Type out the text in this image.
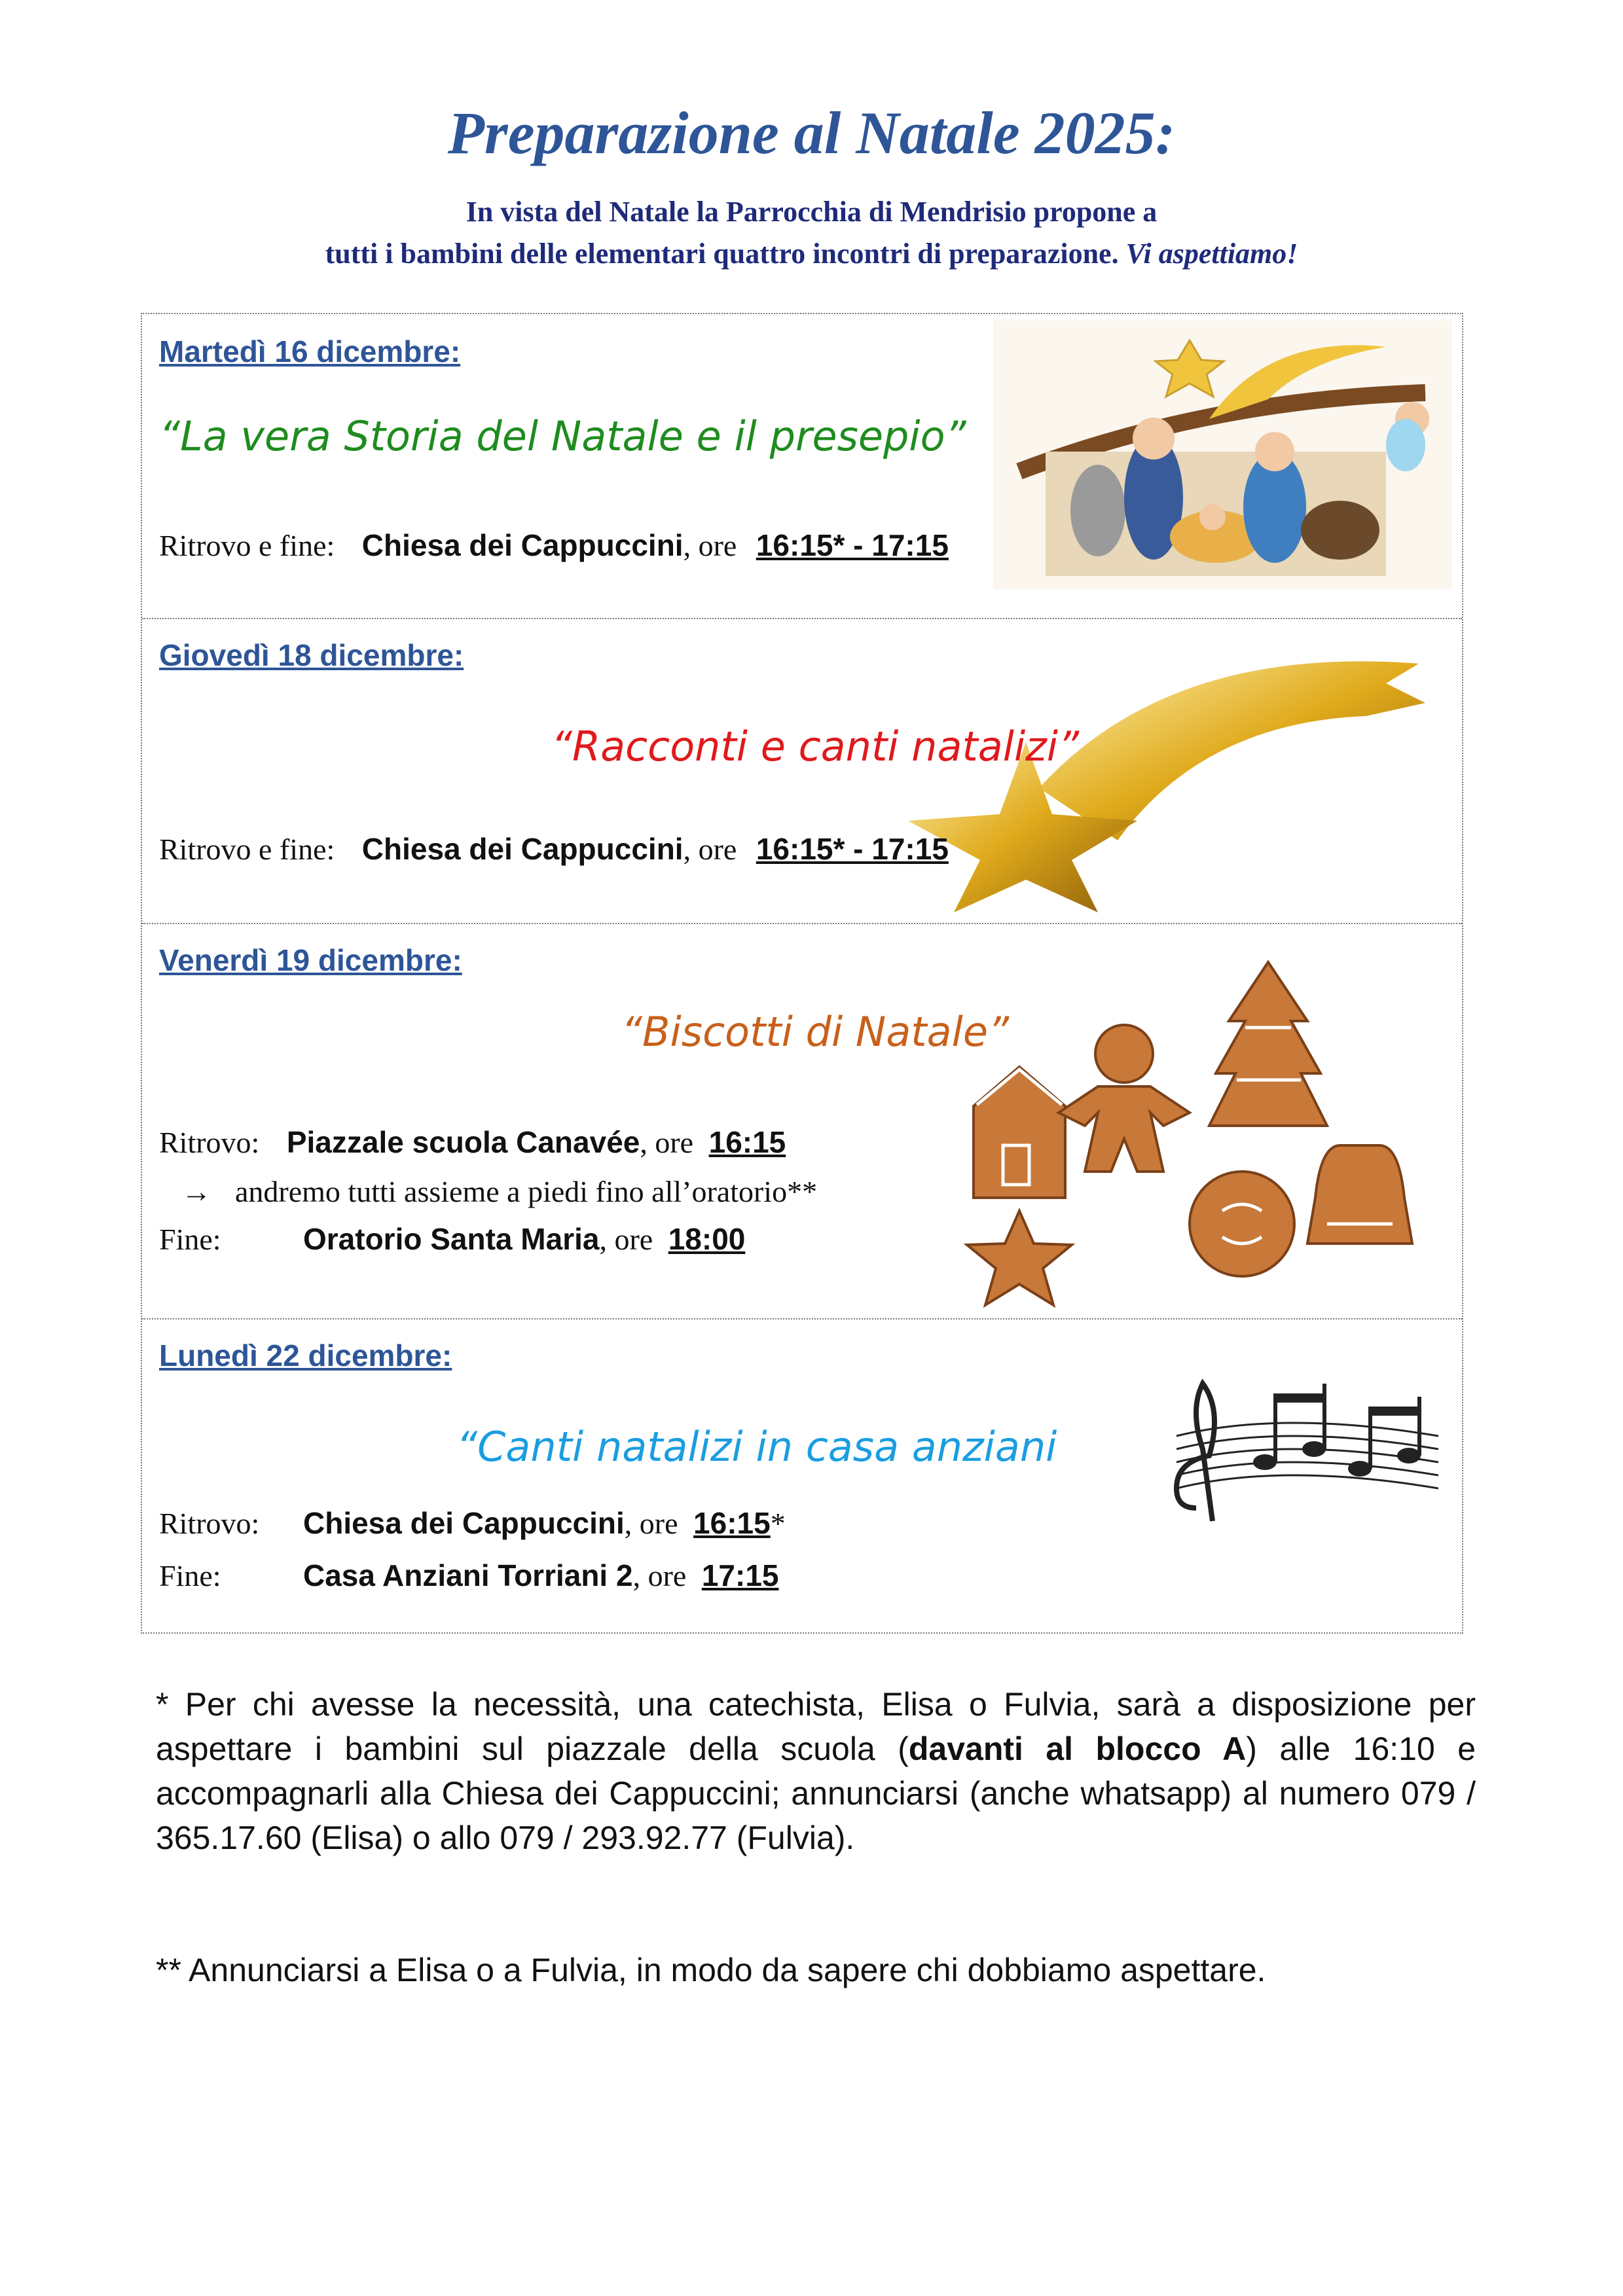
Preparazione al Natale 2025:
In vista del Natale la Parrocchia di Mendrisio propone a
tutti i bambini delle elementari quattro incontri di preparazione. Vi aspettiamo!
Martedì 16 dicembre:
“La vera Storia del Natale e il presepio”
Ritrovo e fine: Chiesa dei Cappuccini, ore 16:15* - 17:15
Giovedì 18 dicembre:
“Racconti e canti natalizi”
Ritrovo e fine: Chiesa dei Cappuccini, ore 16:15* - 17:15
Venerdì 19 dicembre:
“Biscotti di Natale”
Ritrovo: Piazzale scuola Canavée, ore 16:15
→ andremo tutti assieme a piedi fino all’oratorio**
Fine:	Oratorio Santa Maria, ore 18:00
Lunedì 22 dicembre:
“Canti natalizi in casa anziani
Ritrovo: Chiesa dei Cappuccini, ore 16:15*
Fine:	Casa Anziani Torriani 2, ore 17:15

* Per chi avesse la necessità, una catechista, Elisa o Fulvia, sarà a disposizione per aspettare i bambini sul piazzale della scuola (davanti al blocco A) alle 16:10 e accompagnarli alla Chiesa dei Cappuccini; annunciarsi (anche whatsapp) al numero 079 / 365.17.60 (Elisa) o allo 079 / 293.92.77 (Fulvia).

** Annunciarsi a Elisa o a Fulvia, in modo da sapere chi dobbiamo aspettare.
